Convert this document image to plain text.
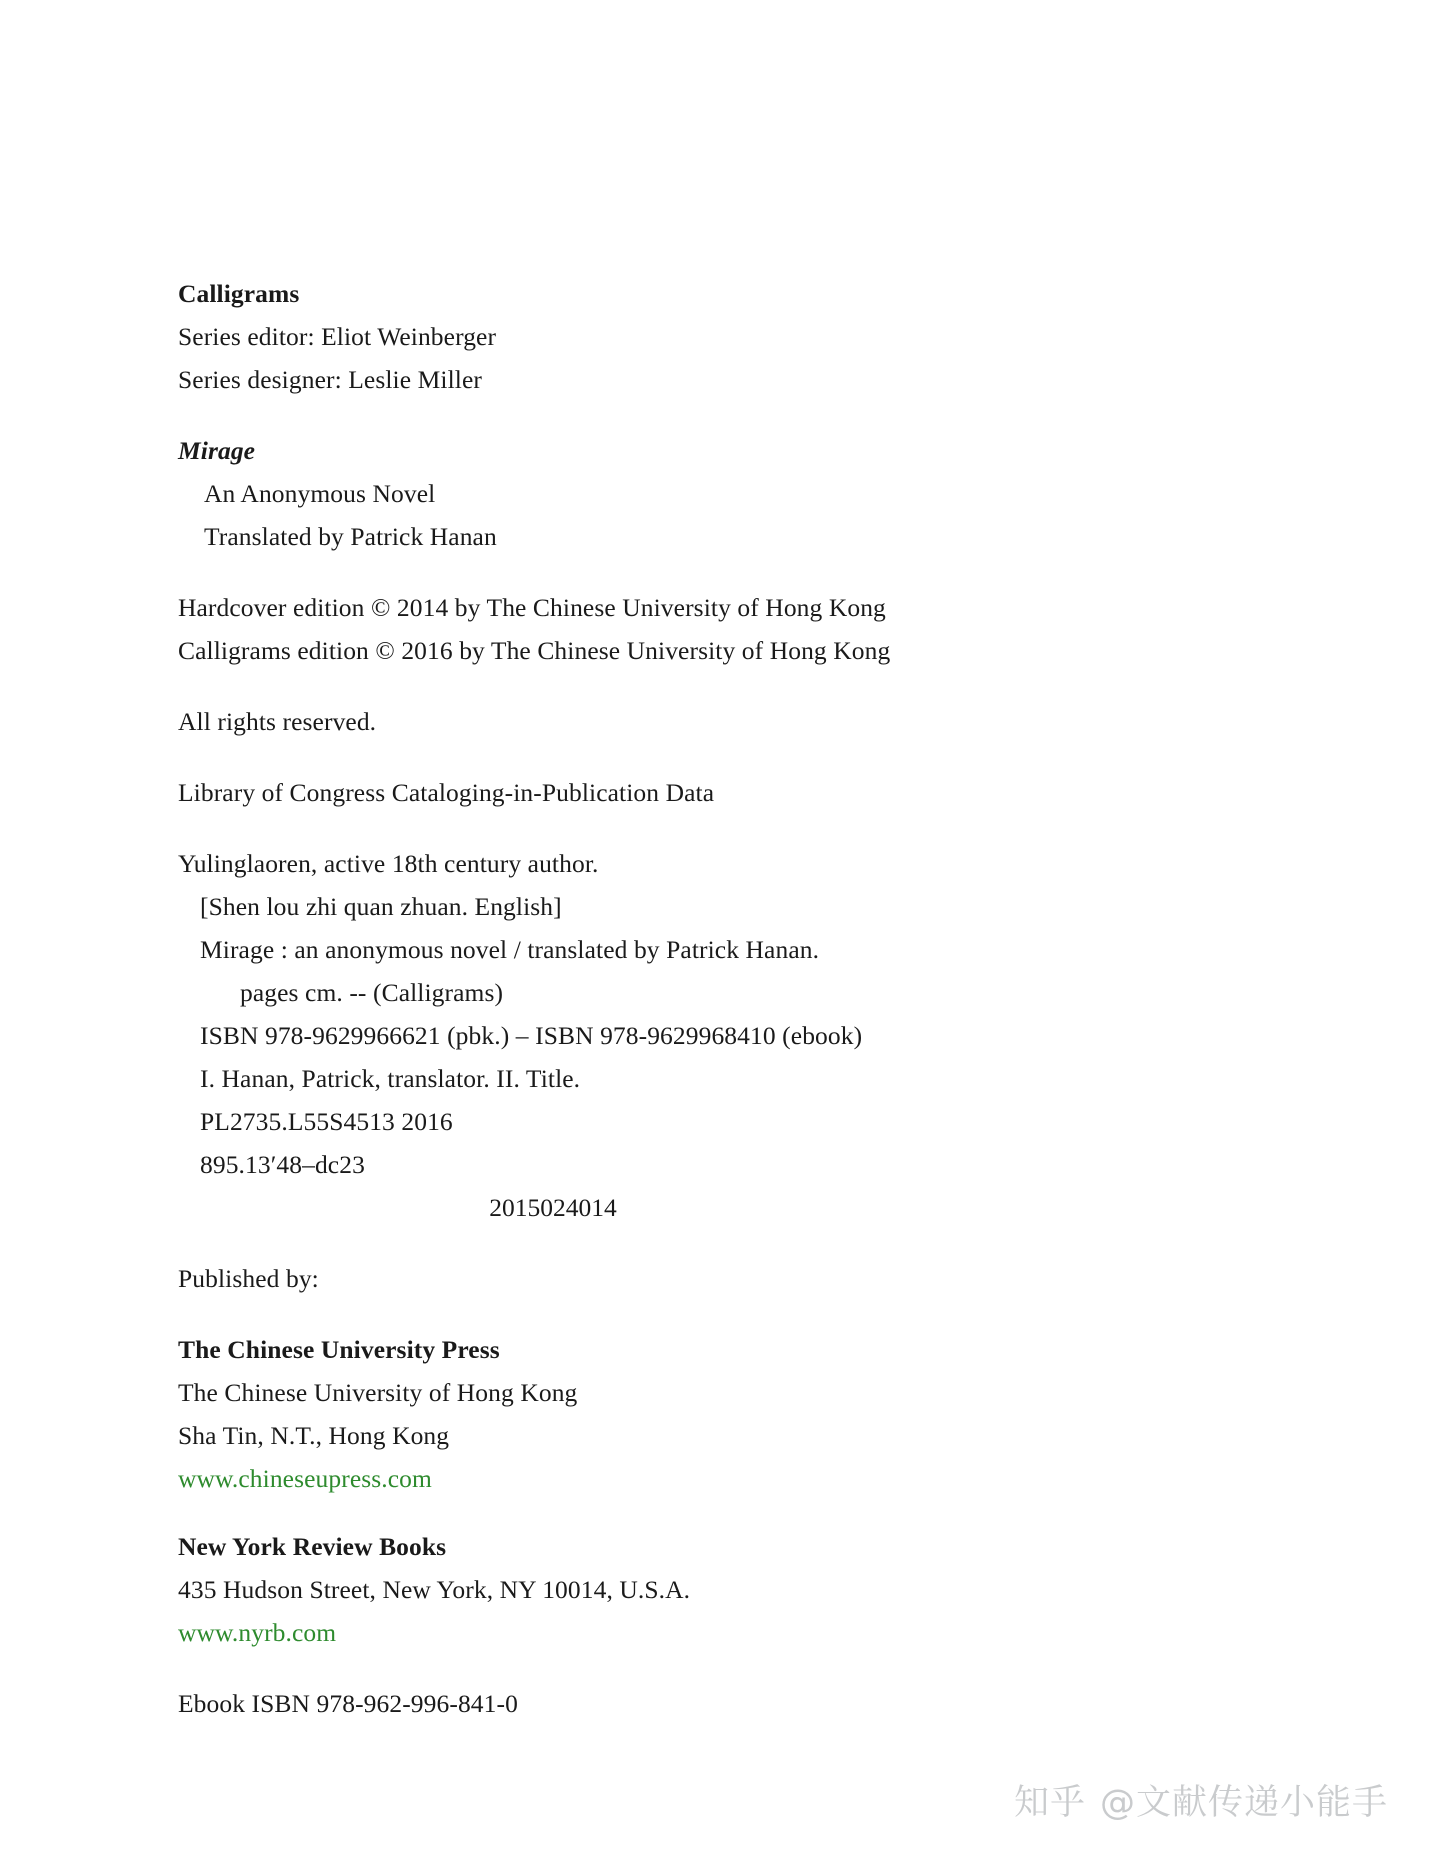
Calligrams
Series editor: Eliot Weinberger
Series designer: Leslie Miller
Mirage
An Anonymous Novel
Translated by Patrick Hanan
Hardcover edition © 2014 by The Chinese University of Hong Kong
Calligrams edition © 2016 by The Chinese University of Hong Kong
All rights reserved.
Library of Congress Cataloging-in-Publication Data
Yulinglaoren, active 18th century author.
[Shen lou zhi quan zhuan. English]
Mirage : an anonymous novel / translated by Patrick Hanan.
pages cm. -- (Calligrams)
ISBN 978-9629966621 (pbk.) – ISBN 978-9629968410 (ebook)
I. Hanan, Patrick, translator. II. Title.
PL2735.L55S4513 2016
895.13′48–dc23
2015024014
Published by:
The Chinese University Press
The Chinese University of Hong Kong
Sha Tin, N.T., Hong Kong
www.chineseupress.com
New York Review Books
435 Hudson Street, New York, NY 10014, U.S.A.
www.nyrb.com
Ebook ISBN 978-962-996-841-0
知乎 @文献传递小能手
